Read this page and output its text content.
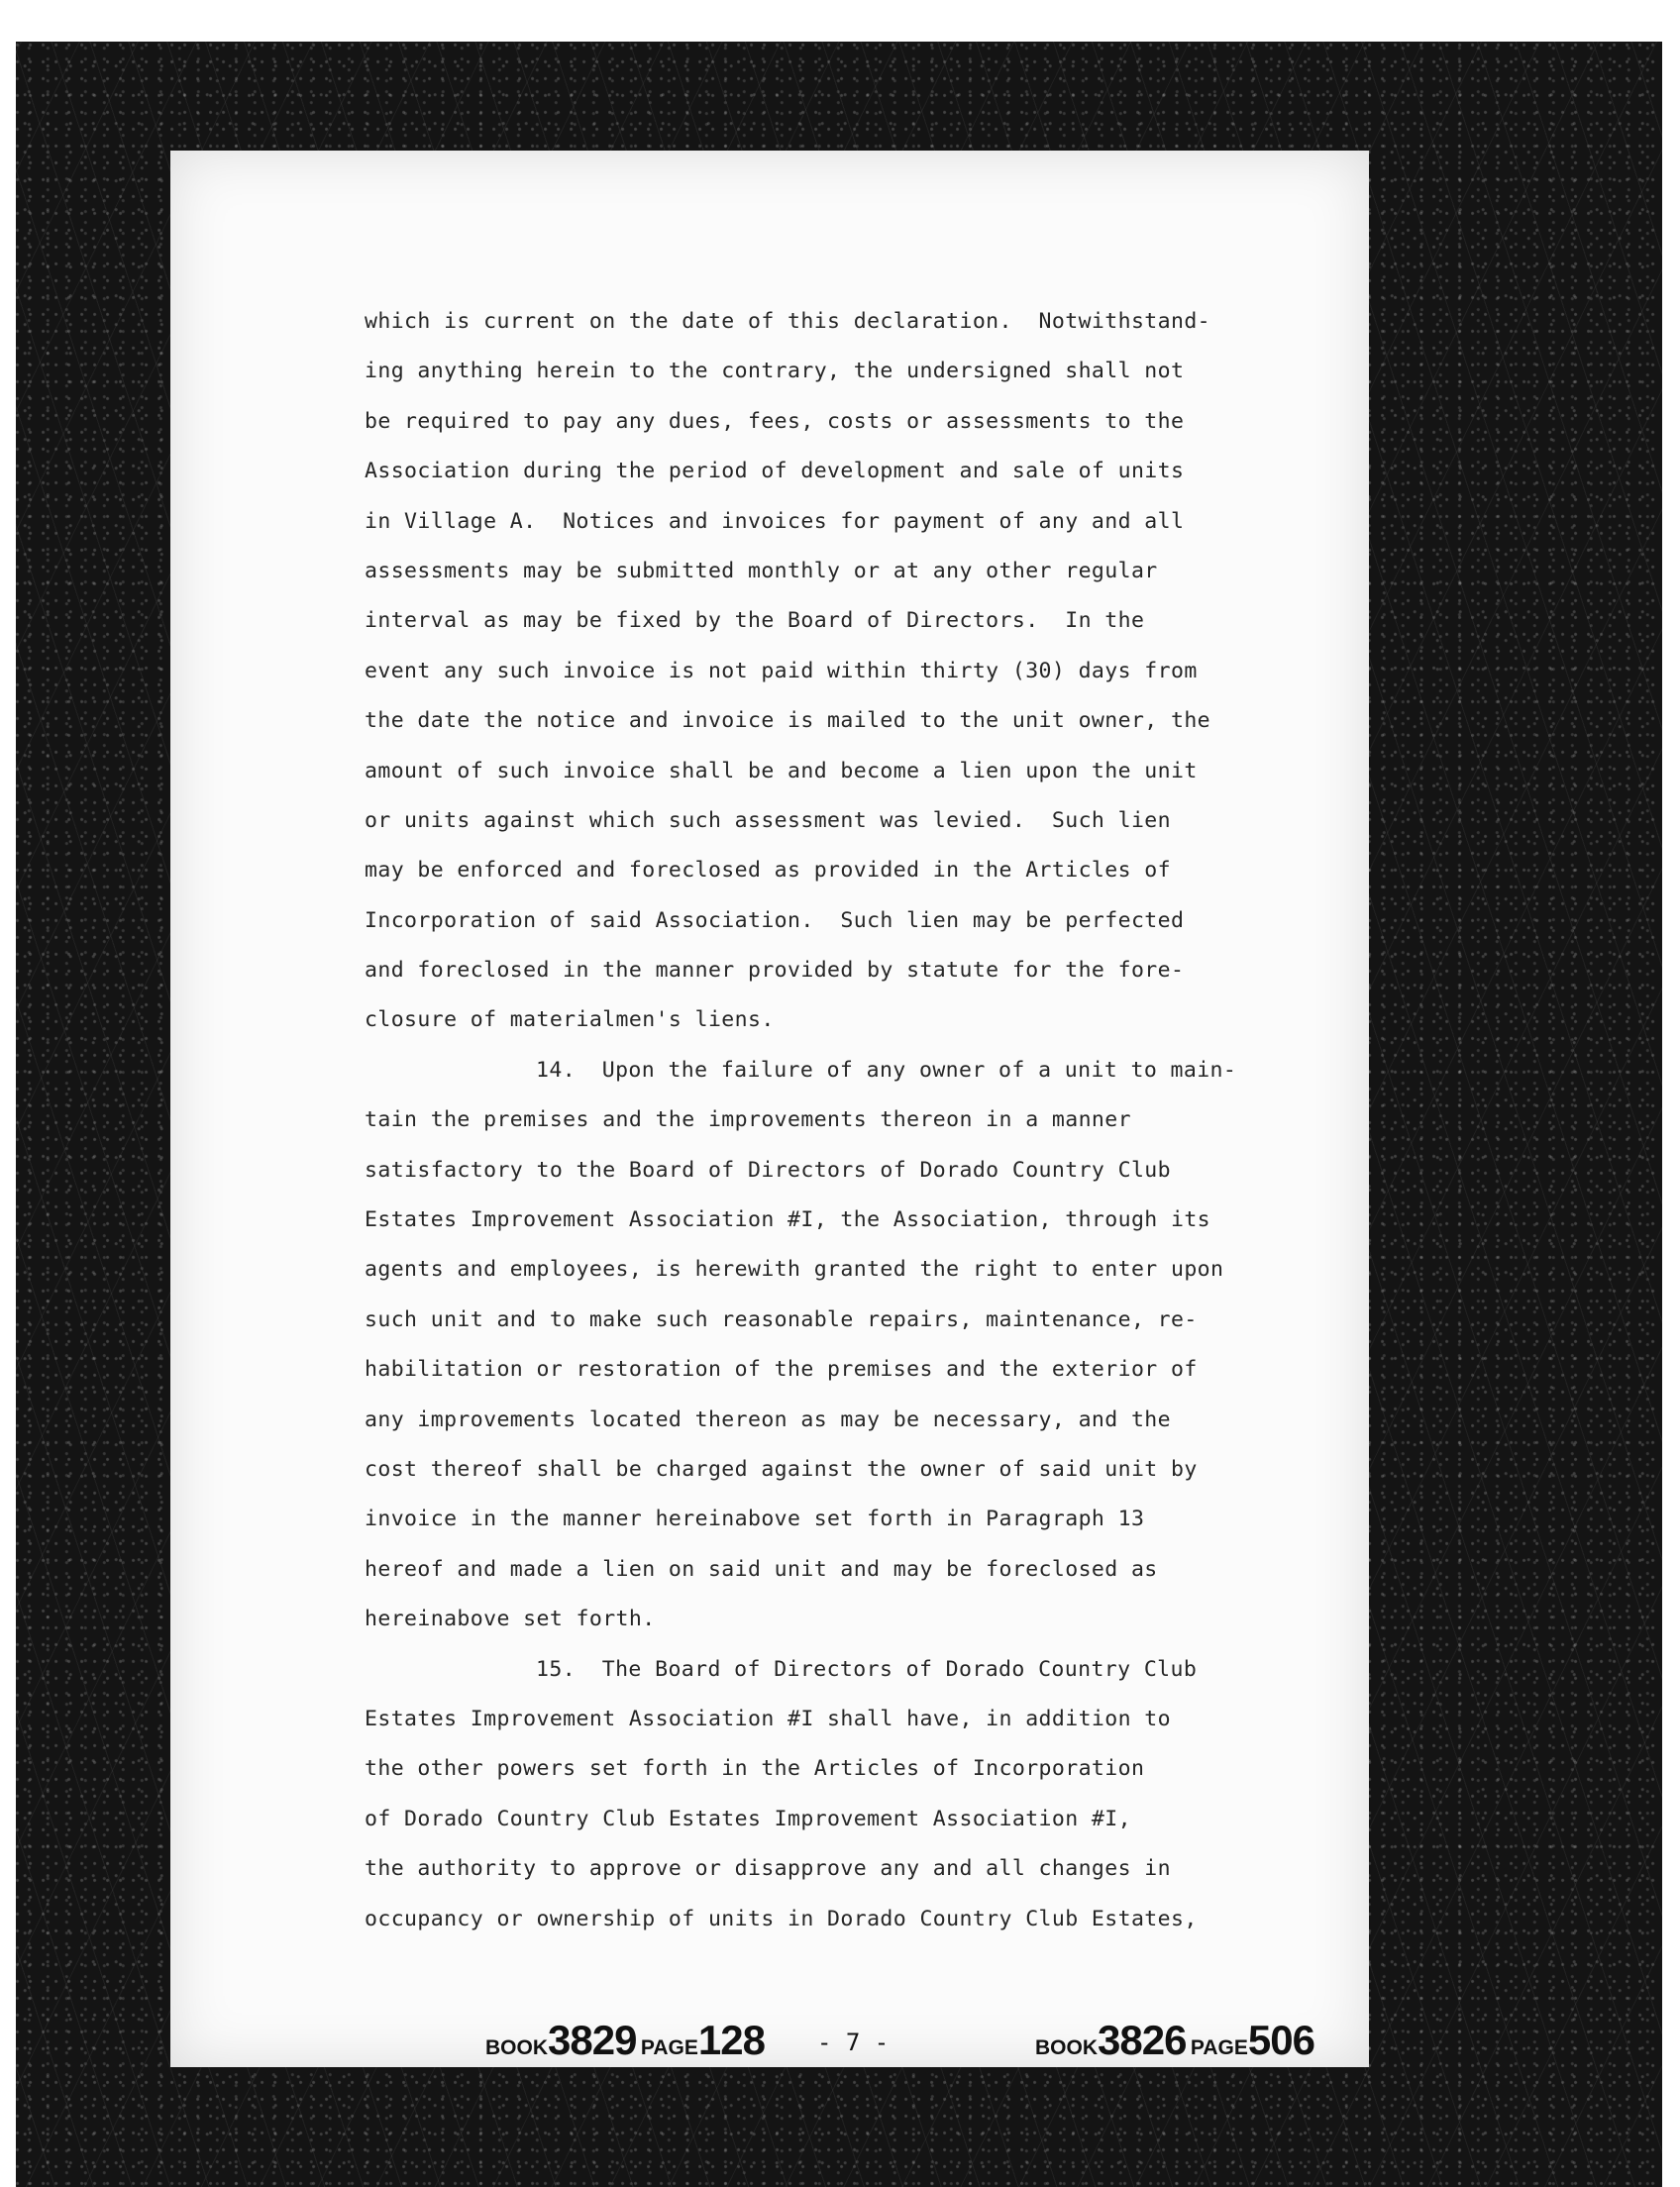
which is current on the date of this declaration.  Notwithstand-
ing anything herein to the contrary, the undersigned shall not
be required to pay any dues, fees, costs or assessments to the
Association during the period of development and sale of units
in Village A.  Notices and invoices for payment of any and all
assessments may be submitted monthly or at any other regular
interval as may be fixed by the Board of Directors.  In the
event any such invoice is not paid within thirty (30) days from
the date the notice and invoice is mailed to the unit owner, the
amount of such invoice shall be and become a lien upon the unit
or units against which such assessment was levied.  Such lien
may be enforced and foreclosed as provided in the Articles of
Incorporation of said Association.  Such lien may be perfected
and foreclosed in the manner provided by statute for the fore-
closure of materialmen's liens.
14.  Upon the failure of any owner of a unit to main-
tain the premises and the improvements thereon in a manner
satisfactory to the Board of Directors of Dorado Country Club
Estates Improvement Association #I, the Association, through its
agents and employees, is herewith granted the right to enter upon
such unit and to make such reasonable repairs, maintenance, re-
habilitation or restoration of the premises and the exterior of
any improvements located thereon as may be necessary, and the
cost thereof shall be charged against the owner of said unit by
invoice in the manner hereinabove set forth in Paragraph 13
hereof and made a lien on said unit and may be foreclosed as
hereinabove set forth.
15.  The Board of Directors of Dorado Country Club
Estates Improvement Association #I shall have, in addition to
the other powers set forth in the Articles of Incorporation
of Dorado Country Club Estates Improvement Association #I,
the authority to approve or disapprove any and all changes in
occupancy or ownership of units in Dorado Country Club Estates,
BOOK3829 PAGE128 - 7 -	BOOK3826 PAGE506
